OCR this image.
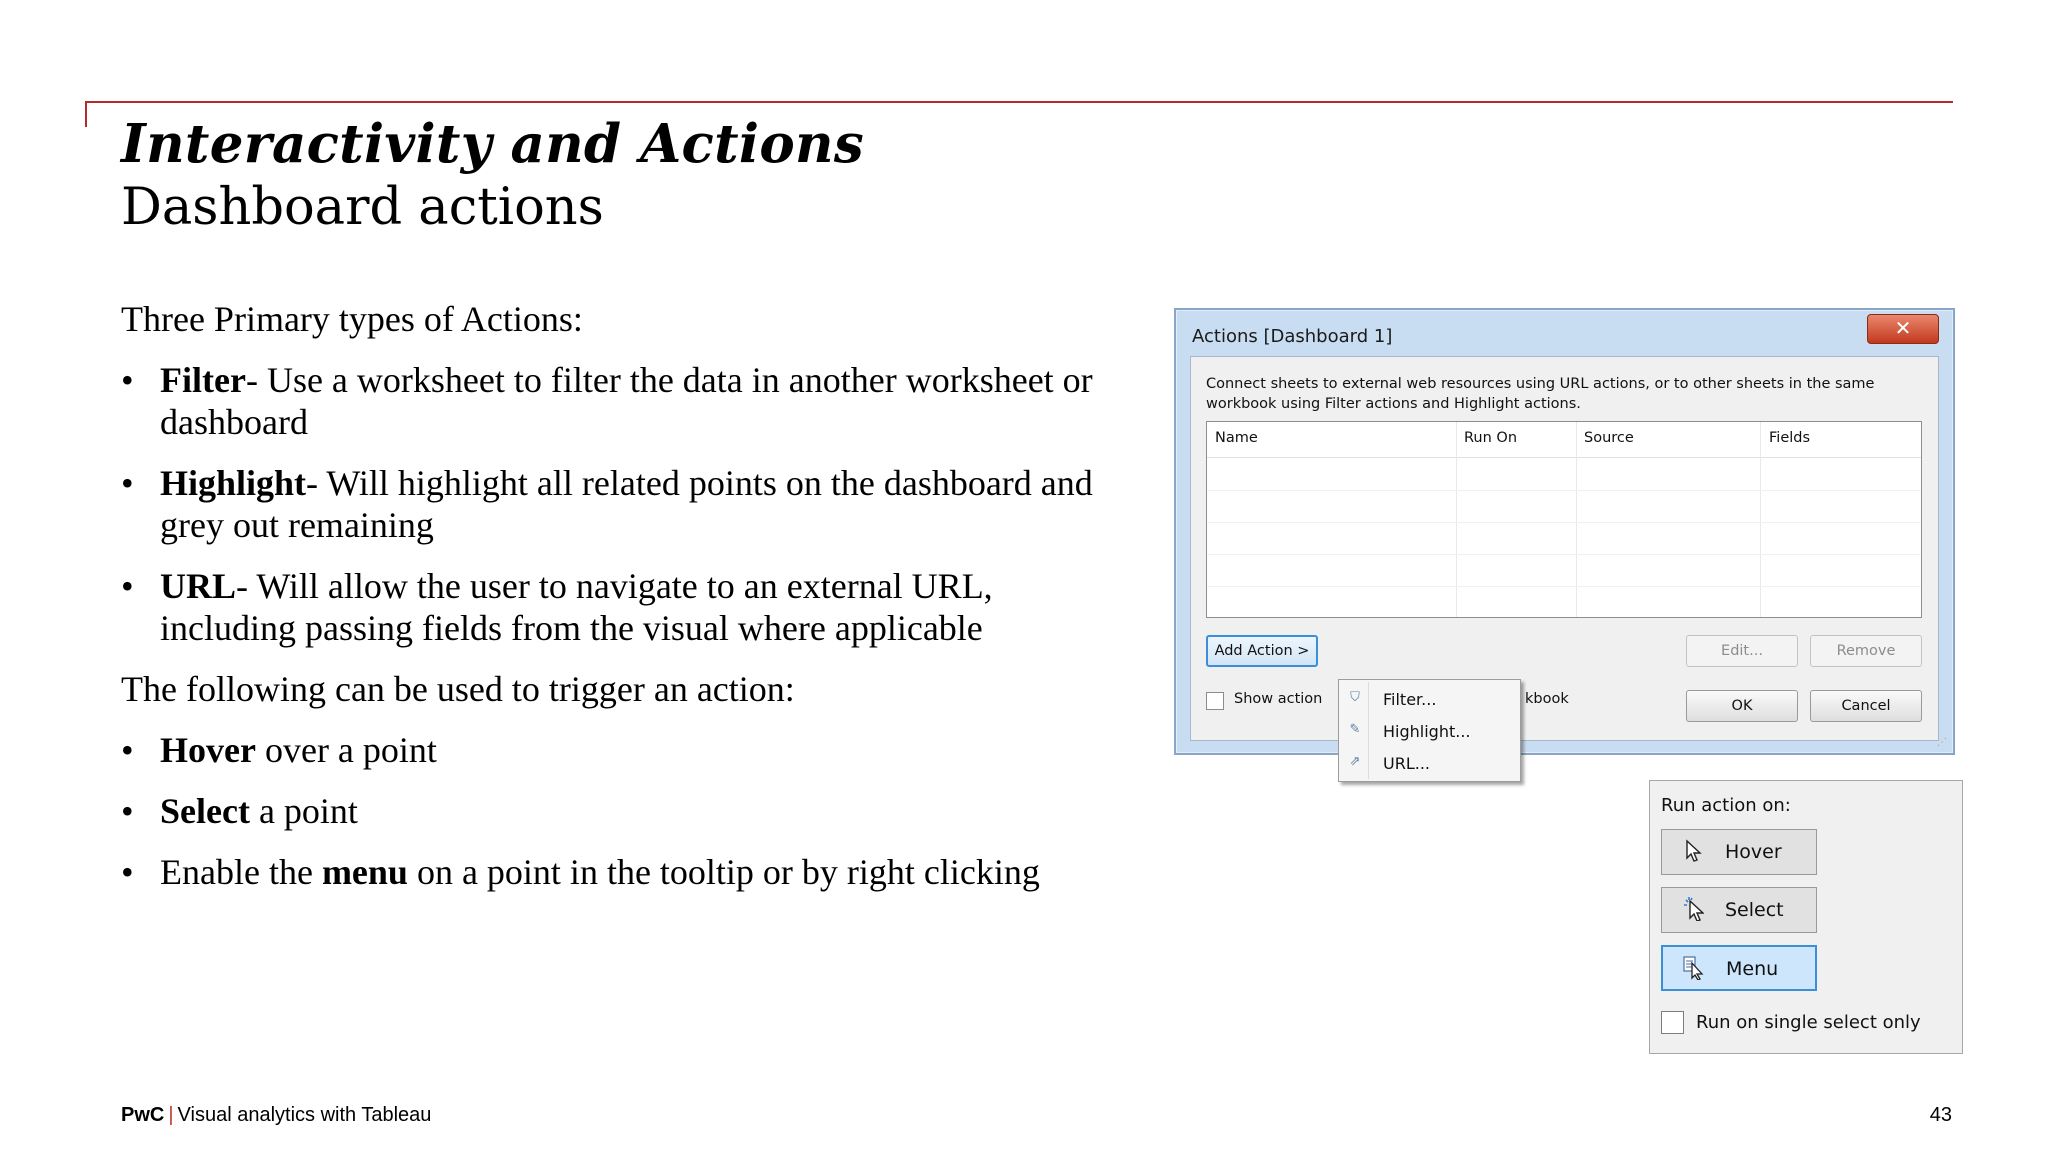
Interactivity and Actions
Dashboard actions
Three Primary types of Actions:
• Filter- Use a worksheet to filter the data in another worksheet or dashboard
• Highlight- Will highlight all related points on the dashboard and grey out remaining
• URL- Will allow the user to navigate to an external URL, including passing fields from the visual where applicable
The following can be used to trigger an action:
• Hover over a point
• Select a point
• Enable the menu on a point in the tooltip or by right clicking
Actions [Dashboard 1]	✕
Connect sheets to external web resources using URL actions, or to other sheets in the same workbook using Filter actions and Highlight actions.
Name	Run On	Source	Fields
Add Action >	Edit...	Remove
Show action	kbook	OK	Cancel
⛉ Filter...
✎ Highlight...
⇗ URL...
⋰
Run action on:
Hover
Select
Menu
Run on single select only
PwC | Visual analytics with Tableau	43
